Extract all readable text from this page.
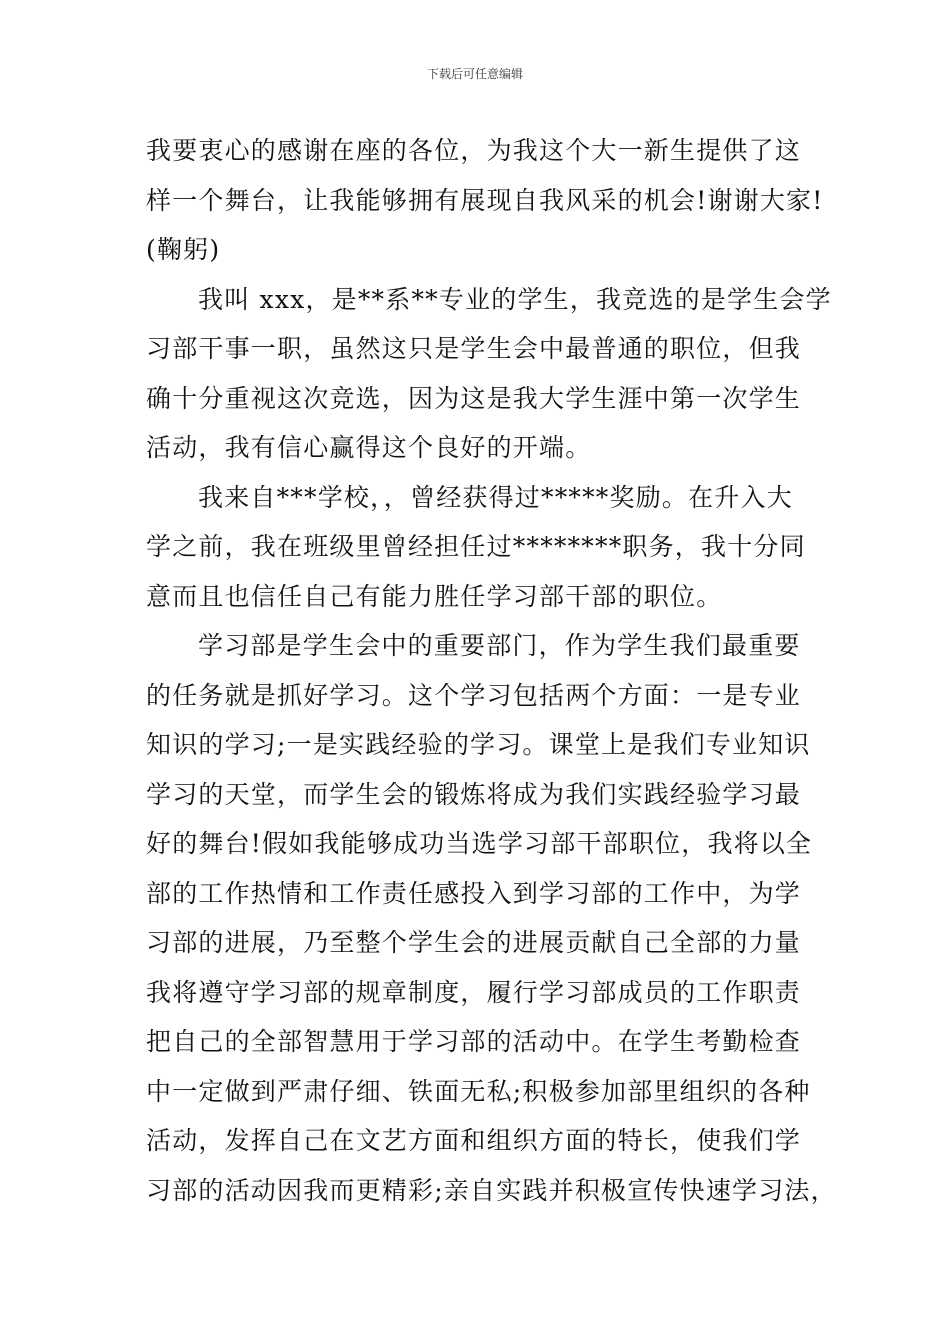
下载后可任意编辑
我要衷心的感谢在座的各位，为我这个大一新生提供了这
样一个舞台，让我能够拥有展现自我风采的机会!谢谢大家!
(鞠躬)
我叫 xxx，是**系**专业的学生，我竞选的是学生会学
习部干事一职，虽然这只是学生会中最普通的职位，但我
确十分重视这次竞选，因为这是我大学生涯中第一次学生
活动，我有信心赢得这个良好的开端。
我来自***学校，，曾经获得过*****奖励。在升入大
学之前，我在班级里曾经担任过********职务，我十分同
意而且也信任自己有能力胜任学习部干部的职位。
学习部是学生会中的重要部门，作为学生我们最重要
的任务就是抓好学习。这个学习包括两个方面：一是专业
知识的学习;一是实践经验的学习。课堂上是我们专业知识
学习的天堂，而学生会的锻炼将成为我们实践经验学习最
好的舞台!假如我能够成功当选学习部干部职位，我将以全
部的工作热情和工作责任感投入到学习部的工作中，为学
习部的进展，乃至整个学生会的进展贡献自己全部的力量
我将遵守学习部的规章制度，履行学习部成员的工作职责
把自己的全部智慧用于学习部的活动中。在学生考勤检查
中一定做到严肃仔细、铁面无私;积极参加部里组织的各种
活动，发挥自己在文艺方面和组织方面的特长，使我们学
习部的活动因我而更精彩;亲自实践并积极宣传快速学习法，
